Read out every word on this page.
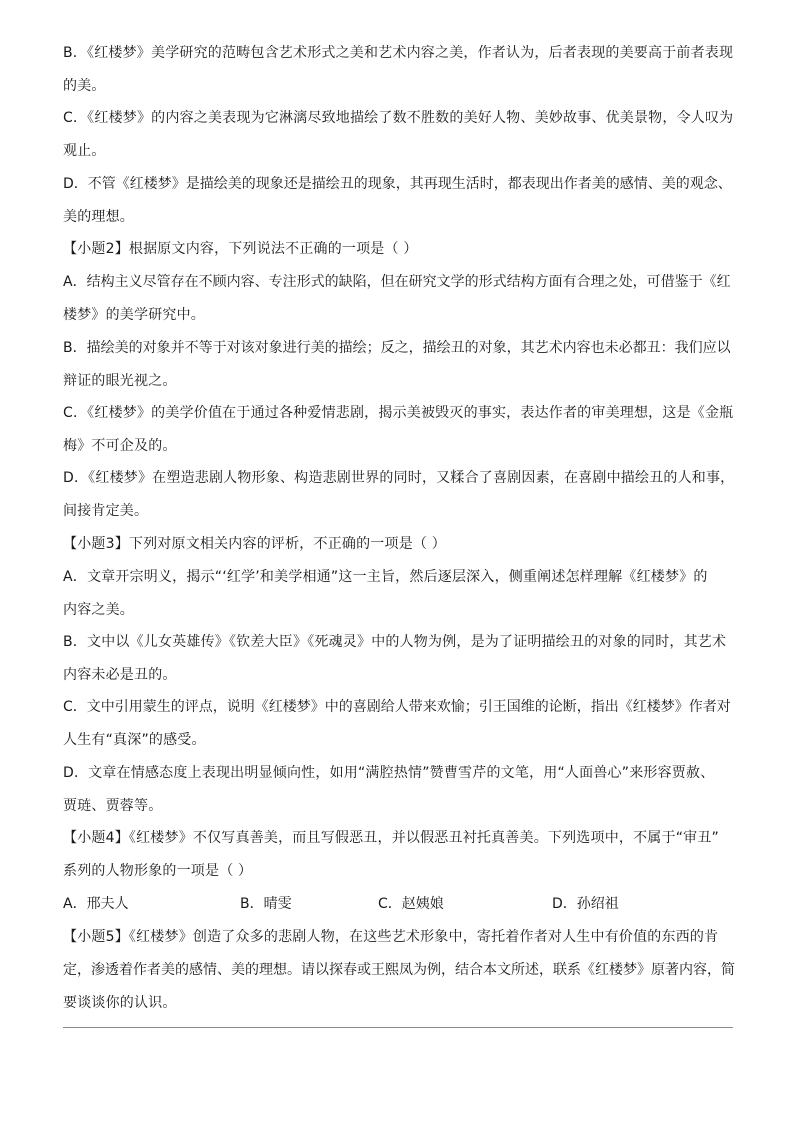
B．《红楼梦》美学研究的范畴包含艺术形式之美和艺术内容之美，作者认为，后者表现的美要高于前者表现
的美。
C．《红楼梦》的内容之美表现为它淋漓尽致地描绘了数不胜数的美好人物、美妙故事、优美景物，令人叹为
观止。
D．不管《红楼梦》是描绘美的现象还是描绘丑的现象，其再现生活时，都表现出作者美的感情、美的观念、
美的理想。
【小题2】根据原文内容，下列说法不正确的一项是（ ）
A．结构主义尽管存在不顾内容、专注形式的缺陷，但在研究文学的形式结构方面有合理之处，可借鉴于《红
楼梦》的美学研究中。
B．描绘美的对象并不等于对该对象进行美的描绘；反之，描绘丑的对象，其艺术内容也未必都丑：我们应以
辩证的眼光视之。
C．《红楼梦》的美学价值在于通过各种爱情悲剧，揭示美被毁灭的事实，表达作者的审美理想，这是《金瓶
梅》不可企及的。
D．《红楼梦》在塑造悲剧人物形象、构造悲剧世界的同时，又糅合了喜剧因素，在喜剧中描绘丑的人和事，
间接肯定美。
【小题3】下列对原文相关内容的评析，不正确的一项是（ ）
A．文章开宗明义，揭示“‘红学’和美学相通”这一主旨，然后逐层深入，侧重阐述怎样理解《红楼梦》的
内容之美。
B．文中以《儿女英雄传》《钦差大臣》《死魂灵》中的人物为例，是为了证明描绘丑的对象的同时，其艺术
内容未必是丑的。
C．文中引用蒙生的评点，说明《红楼梦》中的喜剧给人带来欢愉；引王国维的论断，指出《红楼梦》作者对
人生有“真深”的感受。
D．文章在情感态度上表现出明显倾向性，如用“满腔热情”赞曹雪芹的文笔，用“人面兽心”来形容贾赦、
贾琏、贾蓉等。
【小题4】《红楼梦》不仅写真善美，而且写假恶丑，并以假恶丑衬托真善美。下列选项中，不属于“审丑”
系列的人物形象的一项是（ ）
A．邢夫人	B．晴雯	C．赵姨娘	D．孙绍祖
【小题5】《红楼梦》创造了众多的悲剧人物，在这些艺术形象中，寄托着作者对人生中有价值的东西的肯
定，渗透着作者美的感情、美的理想。请以探春或王熙凤为例，结合本文所述，联系《红楼梦》原著内容，简
要谈谈你的认识。
